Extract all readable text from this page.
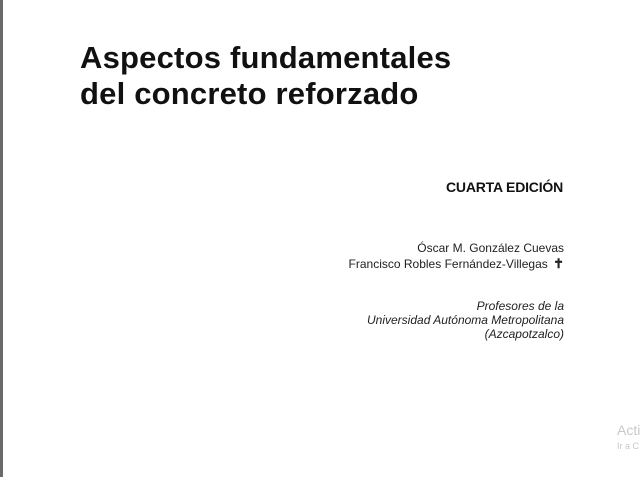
Aspectos fundamentales
del concreto reforzado
CUARTA EDICIÓN
Óscar M. González Cuevas
Francisco Robles Fernández-Villegas ✝
Profesores de la
Universidad Autónoma Metropolitana
(Azcapotzalco)
Acti
Ir a C
